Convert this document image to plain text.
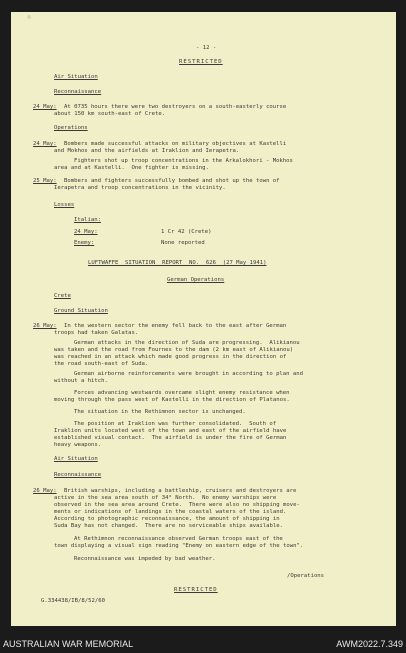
- 12 -
RESTRICTED
Air Situation
Reconnaissance
24 May: At 0735 hours there were two destroyers on a south-easterly course
about 150 km south-east of Crete.
Operations
24 May: Bombers made successful attacks on military objectives at Kastelli
and Mokhos and the airfields at Iraklion and Ierapetra.
Fighters shot up troop concentrations in the Arkalokhori - Mokhos
area and at Kastelli.  One fighter is missing.
25 May: Bombers and fighters successfully bombed and shot up the town of
Ierapetra and troop concentrations in the vicinity.
Losses
Italian:
24 May:	1 Cr 42 (Crete)
Enemy:	None reported
LUFTWAFFE  SITUATION  REPORT  NO.  626  (27 May 1941)
German Operations
Crete
Ground Situation
26 May: In the western sector the enemy fell back to the east after German
troops had taken Galatas.
German attacks in the direction of Suda are progressing.  Alikianou
was taken and the road from Fournes to the dam (2 km east of Alikianou)
was reached in an attack which made good progress in the direction of
the road south-east of Suda.
German airborne reinforcements were brought in according to plan and
without a hitch.
Forces advancing westwards overcame slight enemy resistance when
moving through the pass west of Kastelli in the direction of Platanos.
The situation in the Rethimnon sector is unchanged.
The position at Iraklion was further consolidated.  South of
Iraklion units located west of the town and east of the airfield have
established visual contact.  The airfield is under the fire of German
heavy weapons.
Air Situation
Reconnaissance
26 May: British warships, including a battleship, cruisers and destroyers are
active in the sea area south of 34° North.  No enemy warships were
observed in the sea area around Crete.  There were also no shipping move-
ments or indications of landings in the coastal waters of the island.
According to photographic reconnaissance, the amount of shipping in
Suda Bay has not changed.  There are no serviceable ships available.
At Rethimnon reconnaissance observed German troops east of the
town displaying a visual sign reading "Enemy on eastern edge of the town".
Reconnaissance was impeded by bad weather.
/Operations
G.334438/IB/8/52/60
RESTRICTED
AUSTRALIAN WAR MEMORIAL	AWM2022.7.349
